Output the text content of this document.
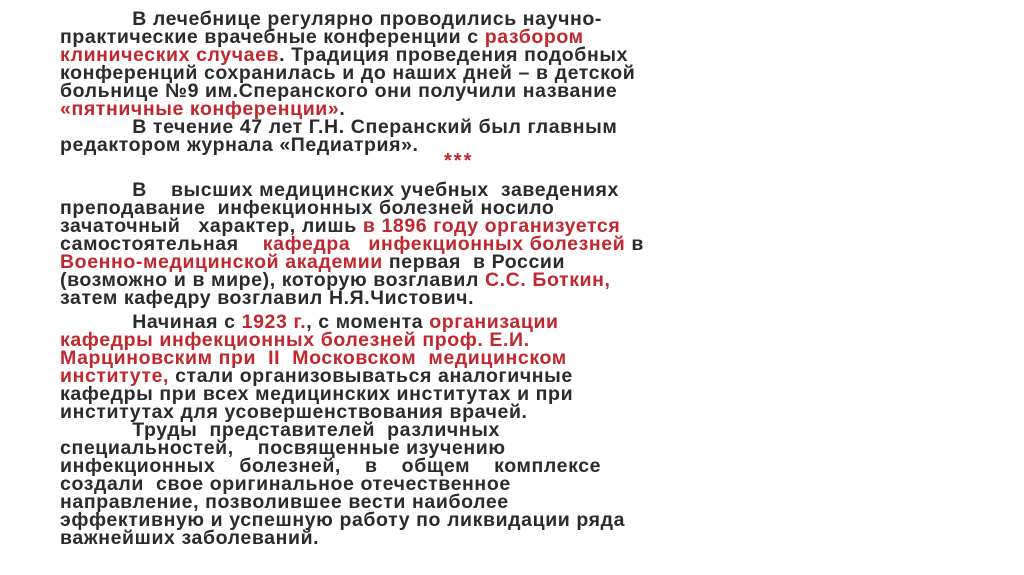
В лечебнице регулярно проводились научно-
практические врачебные конференции с разбором
клинических случаев. Традиция проведения подобных
конференций сохранилась и до наших дней – в детской
больнице №9 им.Сперанского они получили название
«пятничные конференции».
В течение 47 лет Г.Н. Сперанский был главным
редактором журнала «Педиатрия».
***
В    высших медицинских учебных  заведениях
преподавание  инфекционных болезней носило
зачаточный   характер, лишь в 1896 году организуется
самостоятельная    кафедра   инфекционных болезней в
Военно-медицинской академии первая  в России
(возможно и в мире), которую возглавил С.С. Боткин,
затем кафедру возглавил Н.Я.Чистович.
Начиная с 1923 г., с момента организации
кафедры инфекционных болезней проф. Е.И.
Марциновским при  II  Московском  медицинском
институте, стали организовываться аналогичные
кафедры при всех медицинских институтах и при
институтах для усовершенствования врачей.
Труды  представителей  различных
специальностей,    посвященные изучению
инфекционных    болезней,    в    общем    комплексе
создали  свое оригинальное отечественное
направление, позволившее вести наиболее
эффективную и успешную работу по ликвидации ряда
важнейших заболеваний.
